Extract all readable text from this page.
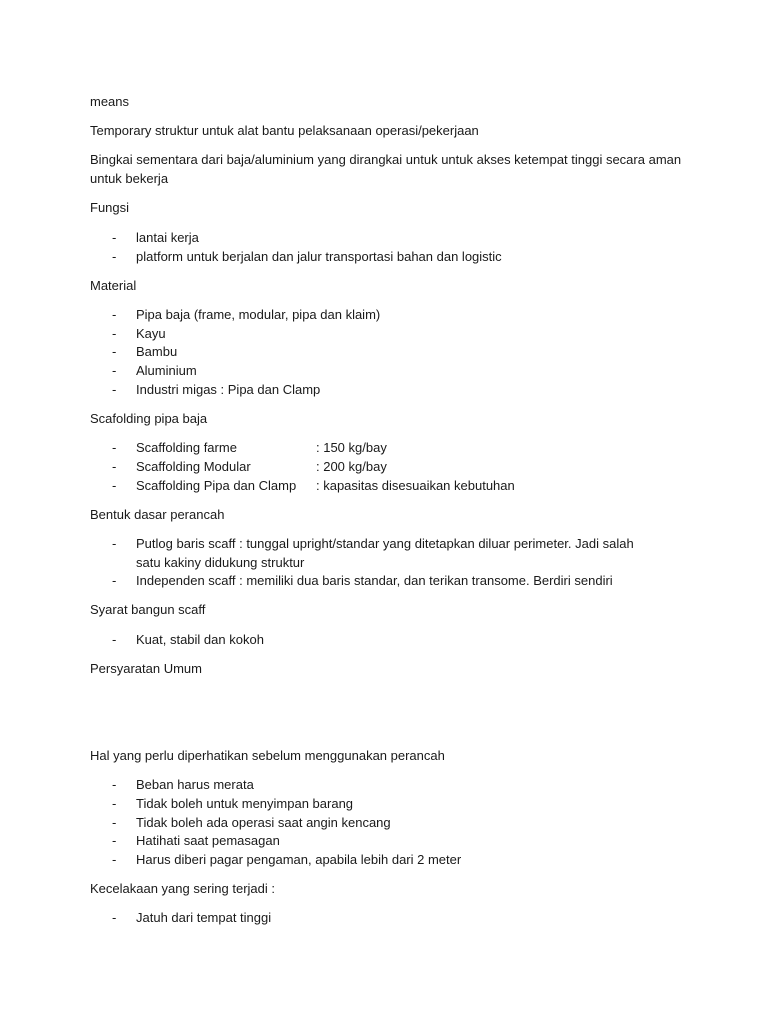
means
Temporary struktur untuk alat bantu pelaksanaan operasi/pekerjaan
Bingkai sementara dari baja/aluminium yang dirangkai untuk untuk akses ketempat tinggi secara aman untuk bekerja
Fungsi
- lantai kerja
- platform untuk berjalan dan jalur transportasi bahan dan logistic
Material
- Pipa baja (frame, modular, pipa dan klaim)
- Kayu
- Bambu
- Aluminium
- Industri migas : Pipa dan Clamp
Scafolding pipa baja
- Scaffolding farme	: 150 kg/bay
- Scaffolding Modular	: 200 kg/bay
- Scaffolding Pipa dan Clamp : kapasitas disesuaikan kebutuhan
Bentuk dasar perancah
- Putlog baris scaff : tunggal upright/standar yang ditetapkan diluar perimeter. Jadi salah satu kakiny didukung struktur
- Independen scaff : memiliki dua baris standar, dan terikan transome. Berdiri sendiri
Syarat bangun scaff
- Kuat, stabil dan kokoh
Persyaratan Umum
Hal yang perlu diperhatikan sebelum menggunakan perancah
- Beban harus merata
- Tidak boleh untuk menyimpan barang
- Tidak boleh ada operasi saat angin kencang
- Hatihati saat pemasagan
- Harus diberi pagar pengaman, apabila lebih dari 2 meter
Kecelakaan yang sering terjadi :
- Jatuh dari tempat tinggi
